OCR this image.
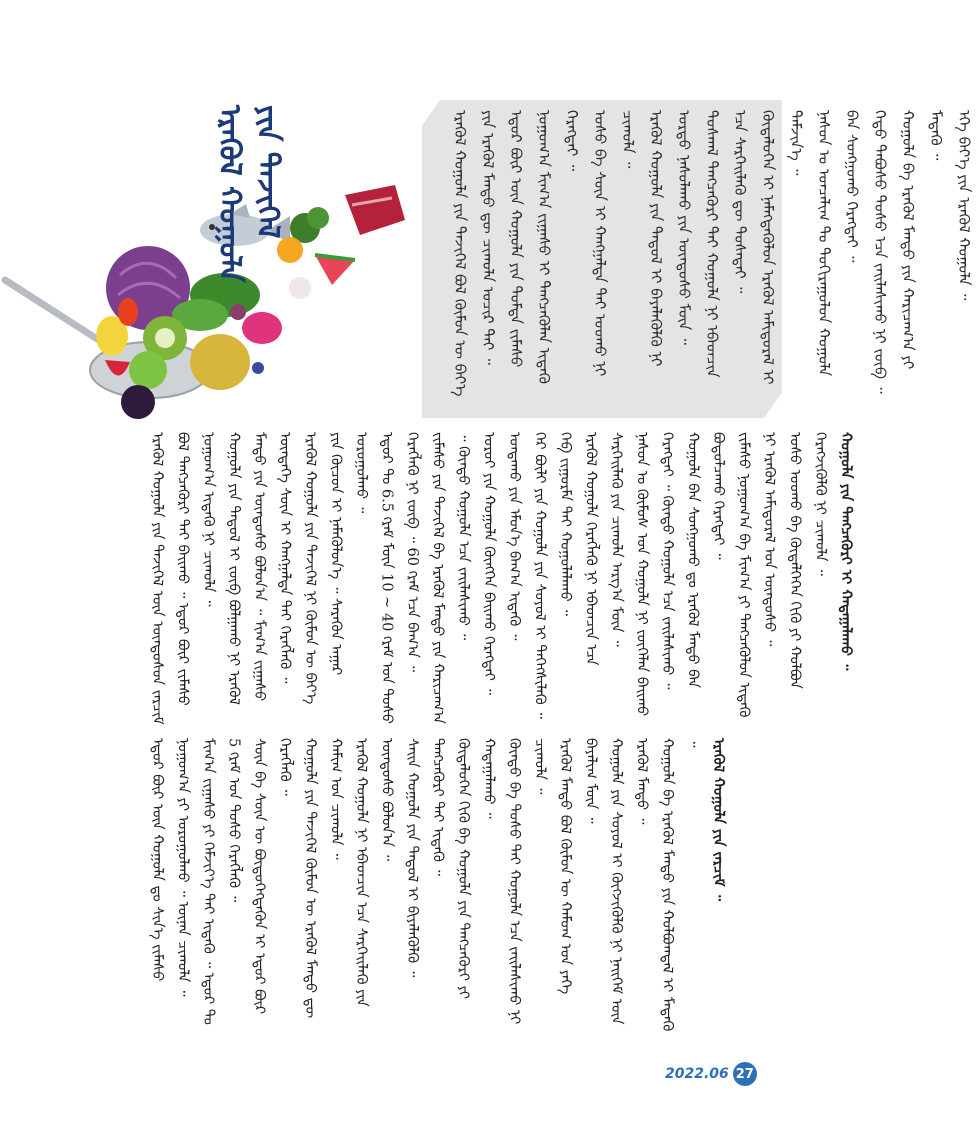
ᠡᠷᠡᠭᠦᠯ ᠬᠣᠭᠣᠯᠠ ᠶᠢᠨ ᠲᠡᠵᠢᠭᠡᠯ	ᠡᠷᠡᠭᠦᠯ ᠬᠣᠭᠣᠯᠠ ᠶᠢᠨ ᠲᠡᠵᠢᠭᠡᠯ ᠪᠣᠯ ᠬᠦᠮᠦᠨ ᠦ ᠪᠡᠶ᠎ᠡ ᠶᠢᠨ ᠡᠷᠡᠭᠦᠯ ᠮᠡᠨᠳᠦ ᠳᠦ ᠴᠢᠬᠤᠯᠠ ᠤᠴᠢᠷ ᠲᠠᠢ ᠃
ᠡᠳᠦᠷ ᠪᠦᠷ ᠦᠨ ᠬᠣᠭᠣᠯᠠ ᠶᠢᠨ ᠳᠤᠮᠳᠠ ᠵᠢᠮᠡᠰᠦ ᠨᠣᠭᠣᠭ᠎ᠠ ᠮᠢᠬ᠎ᠠ ᠵᠢᠭᠠᠰᠤ ᠢ ᠲᠡᠩᠴᠡᠭᠦᠯᠡᠨ ᠢᠳᠡᠬᠦ ᠬᠡᠷᠡᠭᠲᠡᠢ ᠃
ᠤᠰᠤ ᠪᠠ ᠰᠦᠨ ᠢ ᠬᠠᠩᠭᠠᠯᠲᠠ ᠲᠠᠢ ᠤᠤᠬᠤ ᠨᠢ ᠴᠢᠬᠤᠯᠠ ᠃
ᠡᠷᠡᠭᠦᠯ ᠬᠣᠭᠣᠯᠠ ᠶᠢᠨ ᠳᠠᠳᠤᠯ ᠢ ᠪᠡᠶᠡᠯᠡᠭᠦᠯᠬᠦ ᠨᠢ ᠤᠷᠲᠤ ᠨᠠᠰᠤᠯᠠᠬᠤ ᠶᠢᠨ ᠦᠨᠳᠦᠰᠦ ᠮᠥᠨ ᠃
ᠳᠤᠰᠬᠠᠯ ᠲᠡᠩᠴᠡᠭᠦᠷᠢ ᠲᠠᠢ ᠬᠣᠭᠣᠯᠠ ᠨᠢ ᠡᠪᠡᠳᠴᠢᠨ ᠡᠴᠡ ᠰᠡᠷᠭᠡᠢᠯᠡᠬᠦ ᠳᠦ ᠲᠤᠰᠠᠲᠠᠢ ᠃
ᠬᠦᠳᠡᠯᠦᠭᠡᠨ ᠢ ᠨᠡᠮᠡᠭᠳᠡᠭᠦᠯᠦᠨ ᠡᠷᠡᠭᠦᠯ ᠠᠮᠢᠳᠤᠷᠠᠯ ᠢ ᠳᠡᠮᠵᠢᠨ᠎ᠡ ᠃
ᠨᠠᠰᠤᠨ ᠤ ᠣᠨᠴᠠᠯᠢᠭ ᠲᠤ ᠲᠣᠬᠢᠷᠠᠭᠤᠯᠤᠨ ᠬᠣᠭᠣᠯᠠ ᠪᠡᠨ ᠰᠣᠩᠭᠣᠬᠤ ᠬᠡᠷᠡᠭᠲᠡᠢ ᠃
ᠬᠡᠲᠦ ᠳᠠᠪᠤᠰᠤ ᠲᠣᠰᠤ ᠡᠴᠡ ᠵᠠᠢᠯᠠᠰᠢᠬᠤ ᠨᠢ ᠵᠥᠪ ᠃
ᠬᠣᠭᠣᠯᠠ ᠪᠠ ᠡᠷᠡᠭᠦᠯ ᠮᠡᠨᠳᠦ ᠶᠢᠨ ᠬᠠᠷᠢᠴᠠᠭ᠎ᠠ ᠶᠢ ᠮᠡᠳᠡᠬᠦ ᠃
ᠡᠬᠡ ᠪᠡᠶ᠎ᠡ ᠶᠢᠨ ᠡᠷᠡᠭᠦᠯ ᠬᠣᠭᠣᠯᠠ ᠃

ᠡᠷᠡᠭᠦᠯ ᠬᠣᠭᠣᠯᠠ ᠶᠢᠨ ᠲᠡᠵᠢᠭᠡᠯ ᠦᠨ ᠦᠨᠳᠦᠰᠦᠨ ᠵᠠᠷᠴᠢᠮ ᠪᠣᠯ ᠲᠡᠩᠴᠡᠭᠦᠷᠢ ᠲᠠᠢ ᠪᠠᠢᠬᠤ ᠃ ᠡᠳᠦᠷ ᠪᠦᠷ ᠵᠢᠮᠡᠰᠦ ᠨᠣᠭᠣᠭ᠎ᠠ ᠢᠳᠡᠬᠦ ᠨᠢ ᠴᠢᠬᠤᠯᠠ ᠃ ᠬᠣᠭᠣᠯᠠ ᠶᠢᠨ ᠳᠠᠳᠤᠯ ᠢ ᠵᠥᠪ ᠪᠣᠯᠭᠠᠬᠤ ᠨᠢ ᠡᠷᠡᠭᠦᠯ ᠮᠡᠨᠳᠦ ᠶᠢᠨ ᠦᠨᠳᠦᠰᠦ ᠪᠣᠯᠤᠨ᠎ᠠ ᠃ ᠮᠢᠬ᠎ᠠ ᠵᠢᠭᠠᠰᠤ ᠥᠨᠳᠡᠭᠡ ᠰᠦᠨ ᠢ ᠬᠠᠩᠭᠠᠯᠲᠠ ᠲᠠᠢ ᠬᠡᠷᠡᠭᠯᠡᠬᠦ ᠃ ᠡᠷᠡᠭᠦᠯ ᠬᠣᠭᠣᠯᠠ ᠶᠢᠨ ᠲᠡᠵᠢᠭᠡᠯ ᠨᠢ ᠬᠦᠮᠦᠨ ᠦ ᠪᠡᠶ᠎ᠡ ᠶᠢᠨ ᠬᠦᠴᠦᠨ ᠢ ᠨᠡᠮᠡᠭᠦᠯᠦᠨ᠎ᠡ ᠃ ᠰᠡᠷᠡᠬᠦᠨ ᠠᠭᠠᠷ ᠤᠷᠤᠭᠤᠯᠬᠤ ᠃ ᠡᠳᠦᠷ ᠲᠤ 6.5 ᠭᠷᠠᠮ ᠮᠥᠨ 10 ~ 40 ᠭᠷᠠᠮ ᠤᠨ ᠲᠣᠰᠤ ᠬᠡᠷᠡᠭᠯᠡᠬᠦ ᠨᠢ ᠵᠥᠪ ᠃ 60 ᠭᠷᠠᠮ ᠡᠴᠡ ᠪᠠᠭ᠎ᠠ ᠃ ᠵᠢᠮᠡᠰᠦ ᠶᠢᠨ ᠲᠡᠵᠢᠭᠡᠯ ᠪᠠ ᠡᠷᠡᠭᠦᠯ ᠮᠡᠨᠳᠦ ᠶᠢᠨ ᠬᠠᠷᠢᠴᠠᠭ᠎ᠠ ᠃ ᠬᠦᠨᠳᠦ ᠬᠣᠭᠣᠯᠠ ᠡᠴᠡ ᠵᠠᠢᠯᠠᠰᠢᠬᠤ ᠃ ᠣᠷᠣᠢ ᠶᠢᠨ ᠬᠣᠭᠣᠯᠠ ᠬᠥᠩᠭᠡᠨ ᠪᠠᠢᠬᠤ ᠬᠡᠷᠡᠭᠲᠡᠢ ᠃ ᠤᠨᠲᠠᠬᠤ ᠶᠢᠨ ᠡᠮᠦᠨ᠎ᠡ ᠪᠠᠭ᠎ᠠ ᠢᠳᠡᠬᠦ ᠃ ᠭᠡᠷ ᠪᠦᠯᠢ ᠶᠢᠨ ᠬᠣᠭᠣᠯᠠ ᠶᠢᠨ ᠰᠣᠶᠣᠯ ᠢ ᠳᠡᠭᠡᠭᠰᠢᠯᠡᠬᠦ ᠃ ᠬᠡᠪ ᠵᠢᠭᠤᠷᠮᠠ ᠲᠠᠢ ᠬᠣᠭᠣᠯᠠᠯᠠᠬᠤ ᠃ ᠡᠷᠡᠭᠦᠯ ᠬᠣᠭᠣᠯᠠ ᠬᠡᠷᠡᠭᠯᠡᠬᠦ ᠨᠢ ᠡᠪᠡᠳᠴᠢᠨ ᠡᠴᠡ ᠰᠡᠷᠭᠡᠢᠯᠡᠬᠦ ᠶᠢᠨ ᠴᠢᠬᠤᠯᠠ ᠠᠷᠭ᠎ᠠ ᠮᠥᠨ ᠃ ᠨᠠᠰᠤᠨ ᠤ ᠬᠦᠮᠦᠰ ᠤᠨ ᠬᠣᠭᠣᠯᠠ ᠨᠢ ᠵᠦᠭᠡᠯᠡᠨ ᠪᠠᠢᠬᠤ ᠬᠡᠷᠡᠭᠲᠡᠢ ᠃ ᠬᠦᠨᠳᠦ ᠬᠣᠭᠣᠯᠠ ᠡᠴᠡ ᠵᠠᠢᠯᠠᠰᠢᠬᠤ ᠃ ᠬᠣᠭᠣᠯᠠ ᠪᠠᠨ ᠰᠣᠩᠭᠣᠬᠤ ᠳᠤ ᠡᠷᠡᠭᠦᠯ ᠮᠡᠨᠳᠦ ᠪᠡᠨ ᠪᠣᠳᠣᠯᠴᠠᠬᠤ ᠬᠡᠷᠡᠭᠲᠡᠢ ᠃ ᠵᠢᠮᠡᠰᠦ ᠨᠣᠭᠣᠭ᠎ᠠ ᠪᠠ ᠮᠢᠬ᠎ᠠ ᠶᠢ ᠲᠡᠩᠴᠡᠭᠦᠯᠦᠨ ᠢᠳᠡᠬᠦ ᠨᠢ ᠡᠷᠡᠭᠦᠯ ᠠᠮᠢᠳᠤᠷᠠᠯ ᠤᠨ ᠦᠨᠳᠦᠰᠦ ᠃ ᠤᠰᠤ ᠤᠤᠬᠤ ᠪᠠ ᠬᠥᠳᠡᠯᠭᠡᠭᠡᠨ ᠬᠢᠬᠦ ᠶᠢ ᠬᠣᠯᠪᠣᠨ ᠬᠡᠷᠡᠭᠵᠢᠭᠦᠯᠬᠦ ᠨᠢ ᠴᠢᠬᠤᠯᠠ ᠃ ᠬᠣᠭᠣᠯᠠ ᠶᠢᠨ ᠲᠡᠩᠴᠡᠭᠦᠷᠢ ᠢ ᠬᠠᠳᠠᠭᠠᠯᠠᠬᠤ ᠃

ᠡᠳᠦᠷ ᠪᠦᠷ ᠦᠨ ᠬᠣᠭᠣᠯᠠ ᠳᠤ ᠰᠢᠨ᠎ᠡ ᠵᠢᠮᠡᠰᠦ ᠨᠣᠭᠣᠭ᠎ᠠ ᠶᠢ ᠣᠷᠣᠭᠤᠯᠬᠤ ᠃ ᠦᠨᠡᠨ ᠴᠢᠬᠤᠯᠠ ᠃ ᠮᠢᠬ᠎ᠠ ᠵᠢᠭᠠᠰᠤ ᠶᠢ ᠬᠡᠮᠵᠢᠶ᠎ᠡ ᠲᠠᠢ ᠢᠳᠡᠬᠦ ᠃ ᠡᠳᠦᠷ ᠲᠤ 5 ᠭᠷᠠᠮ ᠤᠨ ᠲᠣᠰᠤ ᠬᠡᠷᠡᠭᠯᠡᠬᠦ ᠃ ᠰᠦᠨ ᠪᠠ ᠰᠦᠨ ᠦ ᠪᠦᠲᠦᠭᠡᠭᠳᠡᠬᠦᠨ ᠢ ᠡᠳᠦᠷ ᠪᠦᠷ ᠬᠡᠷᠡᠭᠯᠡᠬᠦ ᠃ ᠬᠣᠭᠣᠯᠠ ᠶᠢᠨ ᠲᠡᠵᠢᠭᠡᠯ ᠬᠦᠮᠦᠨ ᠦ ᠡᠷᠡᠭᠦᠯ ᠮᠡᠨᠳᠦ ᠳᠦ ᠬᠠᠮᠢᠭ ᠤᠨ ᠴᠢᠬᠤᠯᠠ ᠃ ᠡᠷᠡᠭᠦᠯ ᠬᠣᠭᠣᠯᠠ ᠨᠢ ᠡᠪᠡᠳᠴᠢᠨ ᠡᠴᠡ ᠰᠡᠷᠭᠡᠢᠯᠡᠬᠦ ᠶᠢᠨ ᠦᠨᠳᠦᠰᠦ ᠪᠣᠯᠤᠨ᠎ᠠ ᠃ ᠰᠠᠢᠨ ᠬᠣᠭᠣᠯᠠ ᠶᠢᠨ ᠳᠠᠳᠤᠯ ᠢ ᠪᠢᠶᠡᠯᠡᠭᠦᠯᠬᠦ ᠃ ᠲᠡᠩᠴᠡᠭᠦᠷᠢ ᠲᠠᠢ ᠢᠳᠡᠬᠦ ᠃ ᠬᠦᠳᠡᠯᠦᠭᠡᠨ ᠬᠢᠬᠦ ᠪᠠ ᠬᠣᠭᠣᠯᠠ ᠶᠢᠨ ᠲᠡᠩᠴᠡᠭᠦᠷᠢ ᠶᠢ ᠬᠠᠳᠠᠭᠠᠯᠠᠬᠤ ᠃ ᠬᠦᠨᠳᠦ ᠪᠠ ᠲᠣᠰᠤ ᠲᠠᠢ ᠬᠣᠭᠣᠯᠠ ᠡᠴᠡ ᠵᠠᠢᠯᠠᠰᠢᠬᠤ ᠨᠢ ᠴᠢᠬᠤᠯᠠ ᠃ ᠡᠷᠡᠭᠦᠯ ᠮᠡᠨᠳᠦ ᠪᠣᠯ ᠬᠦᠮᠦᠨ ᠦ ᠬᠠᠮᠤᠭ ᠤᠨ ᠶᠡᠬᠡ ᠪᠠᠶᠠᠯᠢᠭ ᠮᠥᠨ ᠃ ᠬᠣᠭᠣᠯᠠ ᠶᠢᠨ ᠰᠣᠶᠣᠯ ᠢ ᠬᠥᠭᠵᠢᠭᠦᠯᠬᠦ ᠨᠢ ᠨᠡᠢᠭᠡᠮ ᠦᠨ ᠡᠷᠡᠭᠦᠯ ᠮᠡᠨᠳᠦ ᠃ ᠬᠣᠭᠣᠯᠠ ᠪᠠ ᠡᠷᠡᠭᠦᠯ ᠮᠡᠨᠳᠦ ᠶᠢᠨ ᠬᠣᠯᠪᠣᠭᠳᠠᠯ ᠢ ᠮᠡᠳᠡᠬᠦ ᠃ ᠡᠷᠡᠭᠦᠯ ᠬᠣᠭᠣᠯᠠ ᠶᠢᠨ ᠵᠠᠷᠴᠢᠮ ᠃

2022.06 27
